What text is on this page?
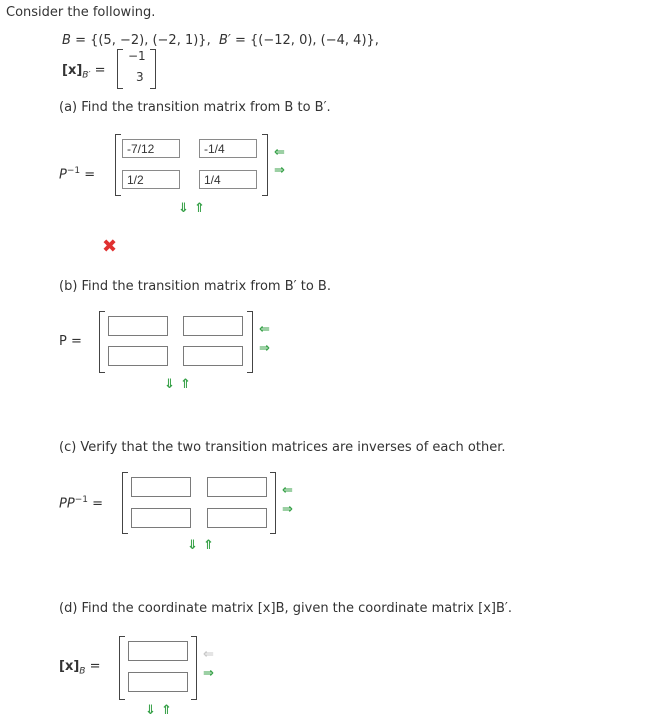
Consider the following.
B = {(5, −2), (−2, 1)}, B′ = {(−12, 0), (−4, 4)},
$[x]_{B'}$ =
−1
3
(a) Find the transition matrix from B to B′.
$P^{-1}$ =
-7/12	-1/4
1/2	1/4
⇐
⇒
⇓ ⇑
✖
(b) Find the transition matrix from B′ to B.
P =
⇐
⇒
⇓ ⇑
(c) Verify that the two transition matrices are inverses of each other.
$PP^{-1}$ =
⇐
⇒
⇓ ⇑
(d) Find the coordinate matrix [x]B, given the coordinate matrix [x]B′.
$[x]_B$ =
⇐
⇒
⇓ ⇑
